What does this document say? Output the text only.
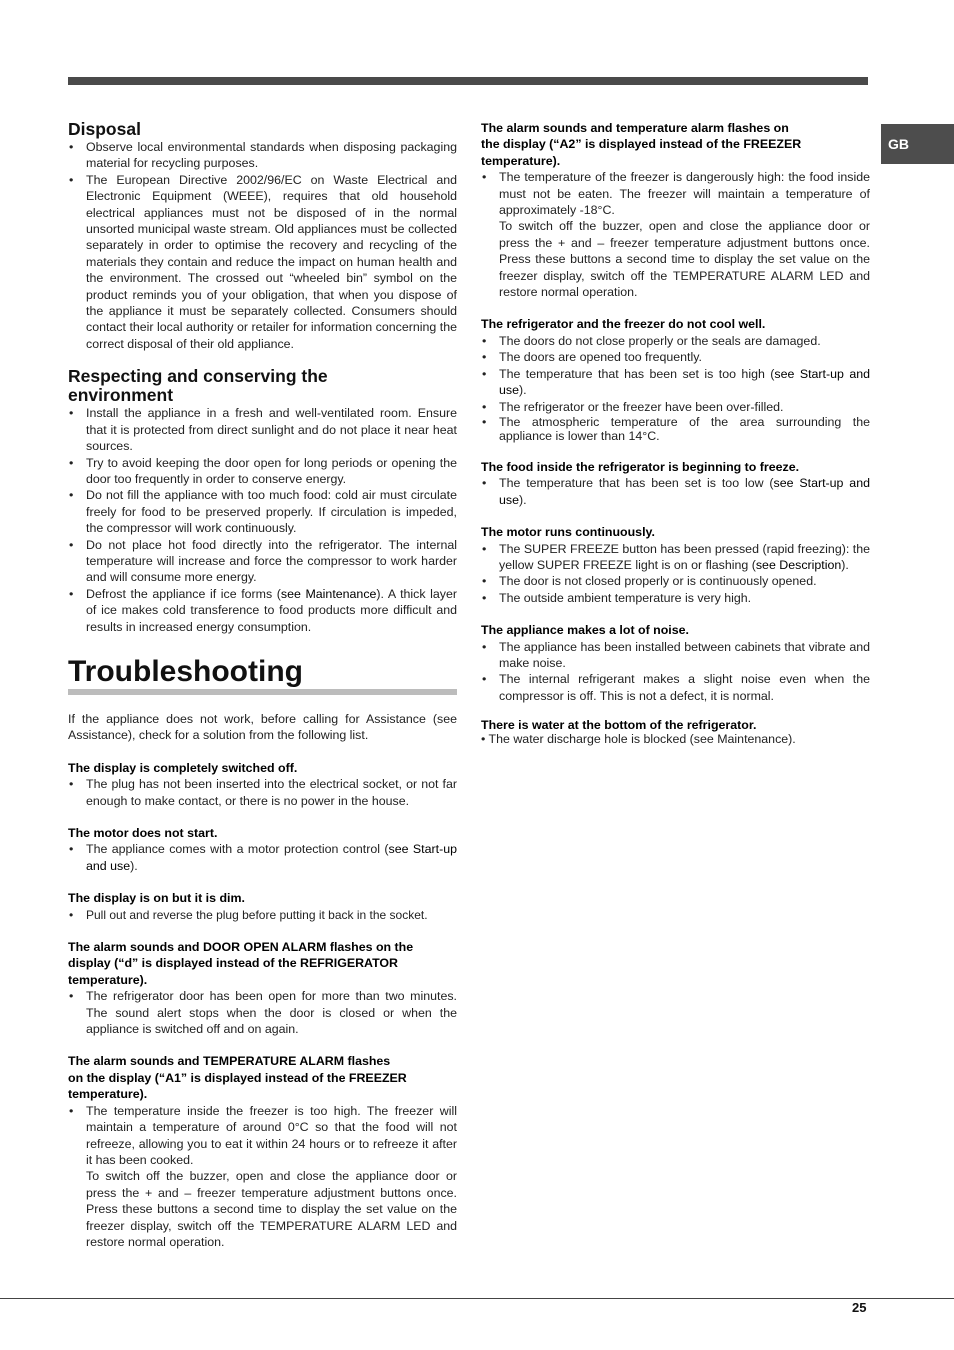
GB
Disposal
• Observe local environmental standards when disposing packaging material for recycling purposes.
• The European Directive 2002/96/EC on Waste Electrical and Electronic Equipment (WEEE), requires that old household electrical appliances must not be disposed of in the normal unsorted municipal waste stream. Old appliances must be collected separately in order to optimise the recovery and recycling of the materials they contain and reduce the impact on human health and the environment. The crossed out “wheeled bin” symbol on the product reminds you of your obligation, that when you dispose of the appliance it must be separately collected. Consumers should contact their local authority or retailer for information concerning the correct disposal of their old appliance.
Respecting and conserving the
environment
• Install the appliance in a fresh and well-ventilated room. Ensure that it is protected from direct sunlight and do not place it near heat sources.
• Try to avoid keeping the door open for long periods or opening the door too frequently in order to conserve energy.
• Do not fill the appliance with too much food: cold air must circulate freely for food to be preserved properly. If circulation is impeded, the compressor will work continuously.
• Do not place hot food directly into the refrigerator. The internal temperature will increase and force the compressor to work harder and will consume more energy.
• Defrost the appliance if ice forms (see Maintenance). A thick layer of ice makes cold transference to food products more difficult and results in increased energy consumption.
Troubleshooting

If the appliance does not work, before calling for Assistance (see Assistance), check for a solution from the following list.

The display is completely switched off.

• The plug has not been inserted into the electrical socket, or not far enough to make contact, or there is no power in the house.

The motor does not start.

• The appliance comes with a motor protection control (see Start-up and use).

The display is on but it is dim.

• Pull out and reverse the plug before putting it back in the socket.

The alarm sounds and DOOR OPEN ALARM flashes on the
display (“d” is displayed instead of the REFRIGERATOR
temperature).

• The refrigerator door has been open for more than two minutes. The sound alert stops when the door is closed or when the appliance is switched off and on again.

The alarm sounds and TEMPERATURE ALARM flashes
on the display (“A1” is displayed instead of the FREEZER
temperature).

• The temperature inside the freezer is too high. The freezer will maintain a temperature of around 0°C so that the food will not refreeze, allowing you to eat it within 24 hours or to refreeze it after it has been cooked.
To switch off the buzzer, open and close the appliance door or press the + and – freezer temperature adjustment buttons once. Press these buttons a second time to display the set value on the freezer display, switch off the TEMPERATURE ALARM LED and restore normal operation.

The alarm sounds and temperature alarm flashes on
the display (“A2” is displayed instead of the FREEZER
temperature).

• The temperature of the freezer is dangerously high: the food inside must not be eaten. The freezer will maintain a temperature of approximately -18°C.
To switch off the buzzer, open and close the appliance door or press the + and – freezer temperature adjustment buttons once. Press these buttons a second time to display the set value on the freezer display, switch off the TEMPERATURE ALARM LED and restore normal operation.

The refrigerator and the freezer do not cool well.

• The doors do not close properly or the seals are damaged.
• The doors are opened too frequently.
• The temperature that has been set is too high (see Start-up and use).
• The refrigerator or the freezer have been over-filled.
• The atmospheric temperature of the area surrounding the appliance is lower than 14°C.

The food inside the refrigerator is beginning to freeze.

• The temperature that has been set is too low (see Start-up and use).

The motor runs continuously.

• The SUPER FREEZE button has been pressed (rapid freezing): the yellow SUPER FREEZE light is on or flashing (see Description).
• The door is not closed properly or is continuously opened.
• The outside ambient temperature is very high.

The appliance makes a lot of noise.

• The appliance has been installed between cabinets that vibrate and make noise.
• The internal refrigerant makes a slight noise even when the compressor is off. This is not a defect, it is normal.

There is water at the bottom of the refrigerator.

• The water discharge hole is blocked (see Maintenance).

25
